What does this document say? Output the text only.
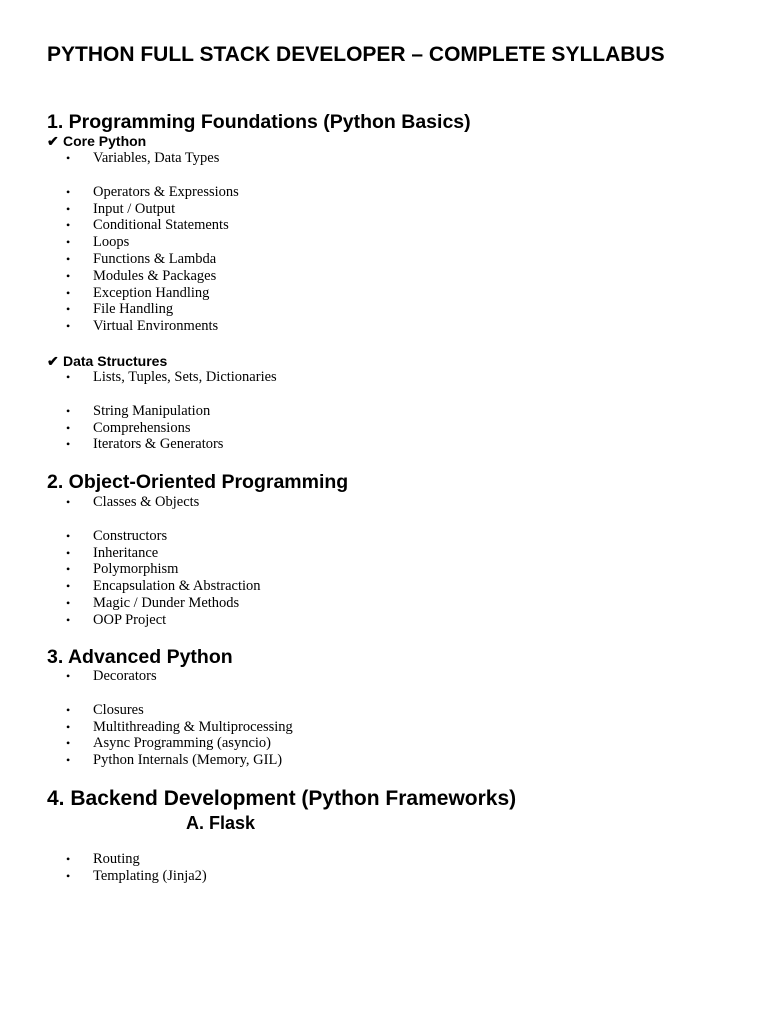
PYTHON FULL STACK DEVELOPER – COMPLETE SYLLABUS
1. Programming Foundations (Python Basics)
✔ Core Python
• Variables, Data Types
• Operators & Expressions
• Input / Output
• Conditional Statements
• Loops
• Functions & Lambda
• Modules & Packages
• Exception Handling
• File Handling
• Virtual Environments
✔ Data Structures
• Lists, Tuples, Sets, Dictionaries
• String Manipulation
• Comprehensions
• Iterators & Generators
2. Object-Oriented Programming
• Classes & Objects
• Constructors
• Inheritance
• Polymorphism
• Encapsulation & Abstraction
• Magic / Dunder Methods
• OOP Project
3. Advanced Python
• Decorators
• Closures
• Multithreading & Multiprocessing
• Async Programming (asyncio)
• Python Internals (Memory, GIL)
4. Backend Development (Python Frameworks)
A. Flask
• Routing
• Templating (Jinja2)
